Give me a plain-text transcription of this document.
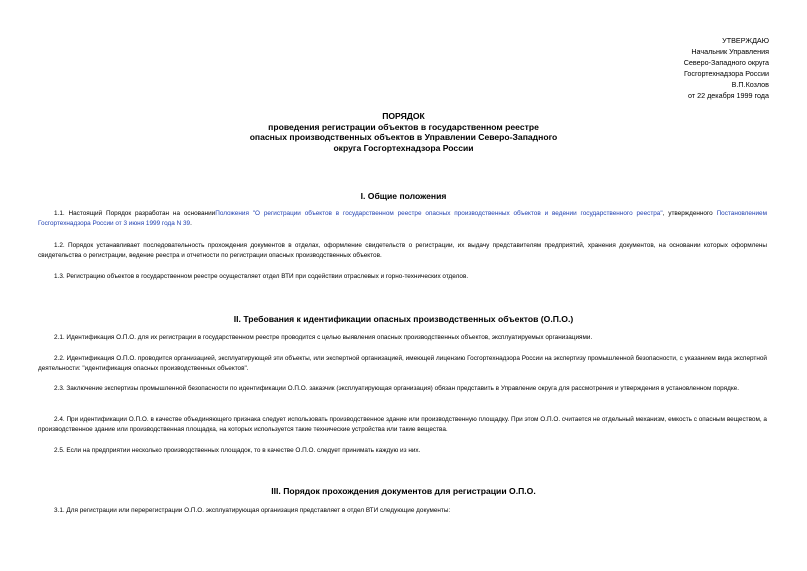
УТВЕРЖДАЮ
Начальник Управления
Северо-Западного округа
Госгортехнадзора России
В.П.Козлов
от 22 декабря 1999 года
ПОРЯДОК
проведения регистрации объектов в государственном реестре
опасных производственных объектов в Управлении Северо-Западного
округа Госгортехнадзора России
I. Общие положения
1.1. Настоящий Порядок разработан на основанииПоложения "О регистрации объектов в государственном реестре опасных производственных объектов и ведении государственного реестра", утвержденного Постановлением Госгортехнадзора России от 3 июня 1999 года N 39.
1.2. Порядок устанавливает последовательность прохождения документов в отделах, оформление свидетельств о регистрации, их выдачу представителям предприятий, хранения документов, на основании которых оформлены свидетельства о регистрации, ведение реестра и отчетности по регистрации опасных производственных объектов.
1.3. Регистрацию объектов в государственном реестре осуществляет отдел ВТИ при содействии отраслевых и горно-технических отделов.
II. Требования к идентификации опасных производственных объектов (О.П.О.)
2.1. Идентификация О.П.О. для их регистрации в государственном реестре проводится с целью выявления опасных производственных объектов, эксплуатируемых организациями.
2.2. Идентификация О.П.О. проводится организацией, эксплуатирующей эти объекты, или экспертной организацией, имеющей лицензию Госгортехнадзора России на экспертизу промышленной безопасности, с указанием вида экспертной деятельности: "идентификация опасных производственных объектов".
2.3. Заключение экспертизы промышленной безопасности по идентификации О.П.О. заказчик (эксплуатирующая организация) обязан представить в Управление округа для рассмотрения и утверждения в установленном порядке.
2.4. При идентификации О.П.О. в качестве объединяющего признака следует использовать производственное здание или производственную площадку. При этом О.П.О. считается не отдельный механизм, емкость с опасным веществом, а производственное здание или производственная площадка, на которых используется такие технические устройства или такие вещества.
2.5. Если на предприятии несколько производственных площадок, то в качестве О.П.О. следует принимать каждую из них.
III. Порядок прохождения документов для регистрации О.П.О.
3.1. Для регистрации или перерегистрации О.П.О. эксплуатирующая организация представляет в отдел ВТИ следующие документы:
